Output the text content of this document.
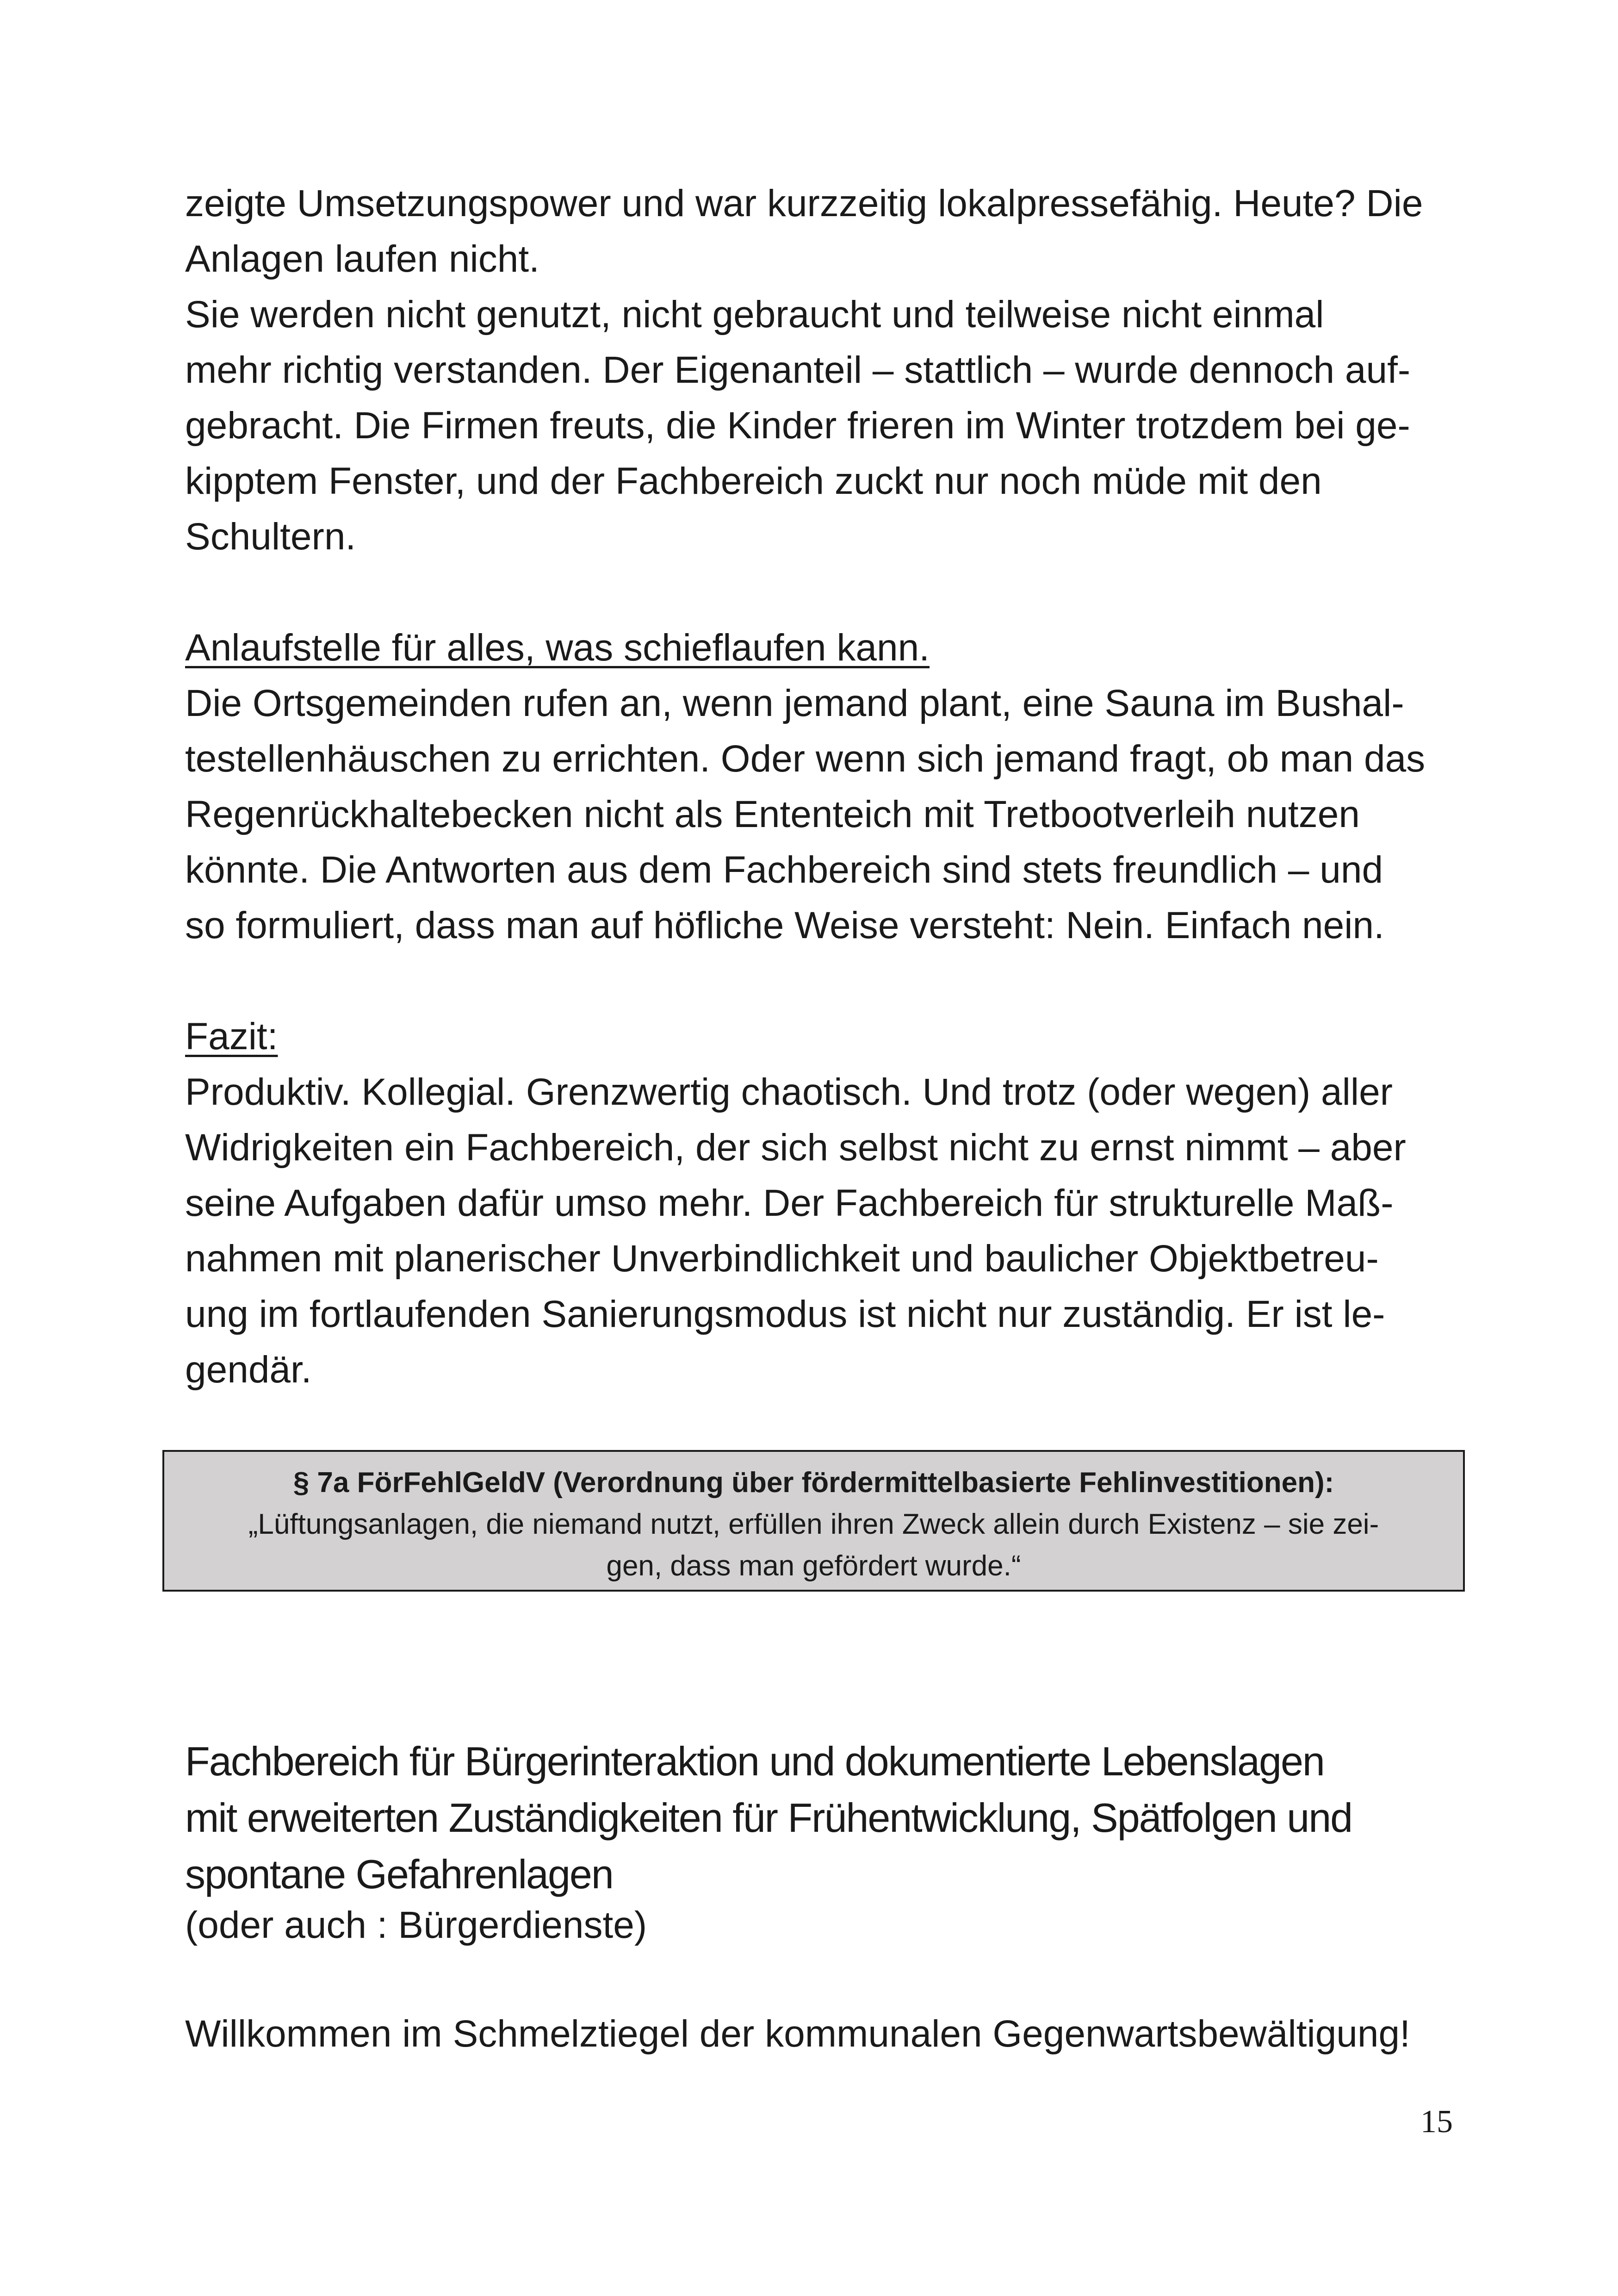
zeigte Umsetzungspower und war kurzzeitig lokalpressefähig. Heute? Die
Anlagen laufen nicht.
Sie werden nicht genutzt, nicht gebraucht und teilweise nicht einmal
mehr richtig verstanden. Der Eigenanteil – stattlich – wurde dennoch auf-
gebracht. Die Firmen freuts, die Kinder frieren im Winter trotzdem bei ge-
kipptem Fenster, und der Fachbereich zuckt nur noch müde mit den
Schultern.
Anlaufstelle für alles, was schieflaufen kann.
Die Ortsgemeinden rufen an, wenn jemand plant, eine Sauna im Bushal-
testellenhäuschen zu errichten. Oder wenn sich jemand fragt, ob man das
Regenrückhaltebecken nicht als Ententeich mit Tretbootverleih nutzen
könnte. Die Antworten aus dem Fachbereich sind stets freundlich – und
so formuliert, dass man auf höfliche Weise versteht: Nein. Einfach nein.
Fazit:
Produktiv. Kollegial. Grenzwertig chaotisch. Und trotz (oder wegen) aller
Widrigkeiten ein Fachbereich, der sich selbst nicht zu ernst nimmt – aber
seine Aufgaben dafür umso mehr. Der Fachbereich für strukturelle Maß-
nahmen mit planerischer Unverbindlichkeit und baulicher Objektbetreu-
ung im fortlaufenden Sanierungsmodus ist nicht nur zuständig. Er ist le-
gendär.
§ 7a FörFehlGeldV (Verordnung über fördermittelbasierte Fehlinvestitionen):
„Lüftungsanlagen, die niemand nutzt, erfüllen ihren Zweck allein durch Existenz – sie zei-
gen, dass man gefördert wurde.“
Fachbereich für Bürgerinteraktion und dokumentierte Lebenslagen
mit erweiterten Zuständigkeiten für Frühentwicklung, Spätfolgen und
spontane Gefahrenlagen
(oder auch : Bürgerdienste)
Willkommen im Schmelztiegel der kommunalen Gegenwartsbewältigung!
15
